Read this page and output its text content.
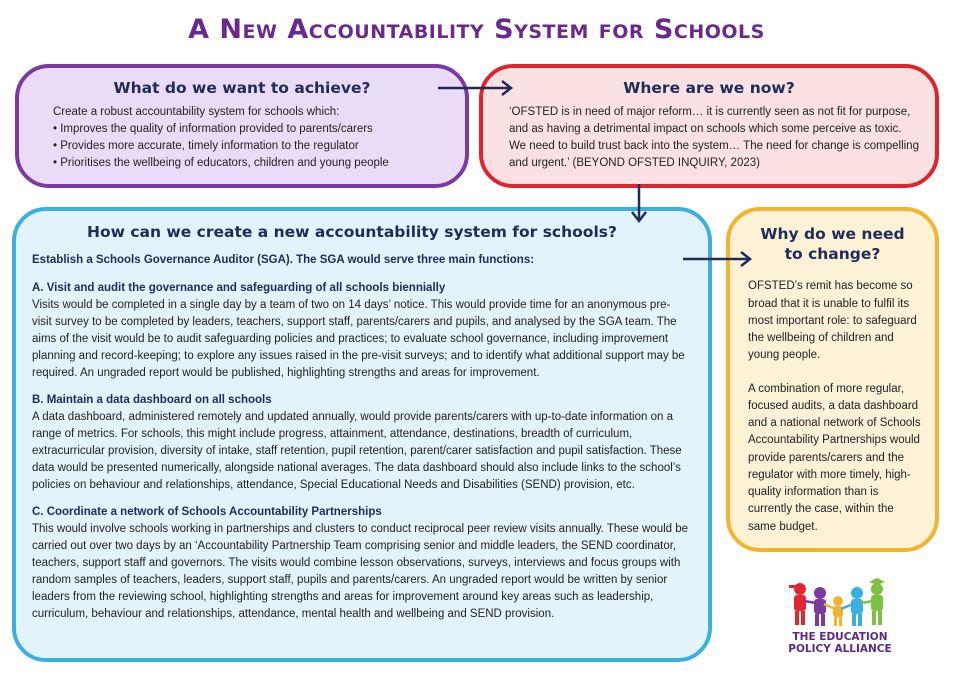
A New Accountability System for Schools
What do we want to achieve?

Create a robust accountability system for schools which:

• Improves the quality of information provided to parents/carers
• Provides more accurate, timely information to the regulator
• Prioritises the wellbeing of educators, children and young people
Where are we now?

‘OFSTED is in need of major reform… it is currently seen as not fit for purpose, and as having a detrimental impact on schools which some perceive as toxic. We need to build trust back into the system… The need for change is compelling and urgent.’ (BEYOND OFSTED INQUIRY, 2023)

How can we create a new accountability system for schools?

Establish a Schools Governance Auditor (SGA). The SGA would serve three main functions:

A. Visit and audit the governance and safeguarding of all schools biennially

Visits would be completed in a single day by a team of two on 14 days’ notice. This would provide time for an anonymous pre-visit survey to be completed by leaders, teachers, support staff, parents/carers and pupils, and analysed by the SGA team. The aims of the visit would be to audit safeguarding policies and practices; to evaluate school governance, including improvement planning and record-keeping; to explore any issues raised in the pre-visit surveys; and to identify what additional support may be required. An ungraded report would be published, highlighting strengths and areas for improvement.

B. Maintain a data dashboard on all schools

A data dashboard, administered remotely and updated annually, would provide parents/carers with up-to-date information on a range of metrics. For schools, this might include progress, attainment, attendance, destinations, breadth of curriculum, extracurricular provision, diversity of intake, staff retention, pupil retention, parent/carer satisfaction and pupil satisfaction. These data would be presented numerically, alongside national averages. The data dashboard should also include links to the school’s policies on behaviour and relationships, attendance, Special Educational Needs and Disabilities (SEND) provision, etc.

C. Coordinate a network of Schools Accountability Partnerships

This would involve schools working in partnerships and clusters to conduct reciprocal peer review visits annually. These would be carried out over two days by an ‘Accountability Partnership Team comprising senior and middle leaders, the SEND coordinator, teachers, support staff and governors. The visits would combine lesson observations, surveys, interviews and focus groups with random samples of teachers, leaders, support staff, pupils and parents/carers. An ungraded report would be written by senior leaders from the reviewing school, highlighting strengths and areas for improvement around key areas such as leadership, curriculum, behaviour and relationships, attendance, mental health and wellbeing and SEND provision.

Why do we need
to change?

OFSTED’s remit has become so broad that it is unable to fulfil its most important role: to safeguard the wellbeing of children and young people.

A combination of more regular, focused audits, a data dashboard and a national network of Schools Accountability Partnerships would provide parents/carers and the regulator with more timely, high-quality information than is currently the case, within the same budget.

THE EDUCATION
POLICY ALLIANCE
